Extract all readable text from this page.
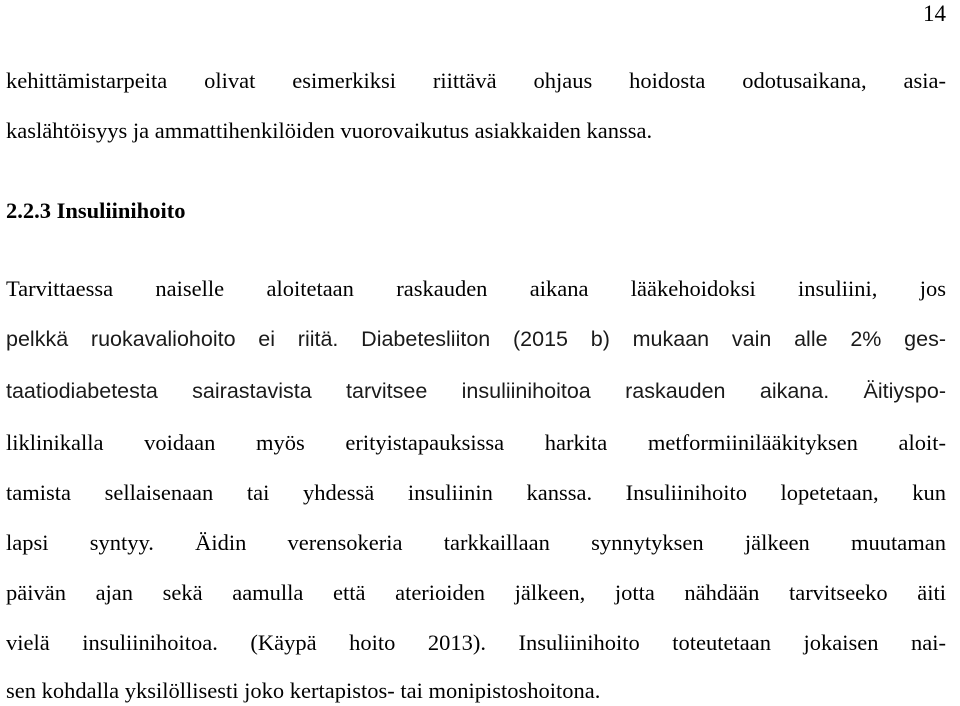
14
kehittämistarpeita olivat esimerkiksi riittävä ohjaus hoidosta odotusaikana, asia-
kaslähtöisyys ja ammattihenkilöiden vuorovaikutus asiakkaiden kanssa.
2.2.3 Insuliinihoito
Tarvittaessa naiselle aloitetaan raskauden aikana lääkehoidoksi insuliini, jos
pelkkä ruokavaliohoito ei riitä. Diabetesliiton (2015 b) mukaan vain alle 2% ges-
taatiodiabetesta sairastavista tarvitsee insuliinihoitoa raskauden aikana. Äitiyspo-
liklinikalla voidaan myös erityistapauksissa harkita metformiinilääkityksen aloit-
tamista sellaisenaan tai yhdessä insuliinin kanssa. Insuliinihoito lopetetaan, kun
lapsi syntyy. Äidin verensokeria tarkkaillaan synnytyksen jälkeen muutaman
päivän ajan sekä aamulla että aterioiden jälkeen, jotta nähdään tarvitseeko äiti
vielä insuliinihoitoa. (Käypä hoito 2013). Insuliinihoito toteutetaan jokaisen nai-
sen kohdalla yksilöllisesti joko kertapistos- tai monipistoshoitona.
